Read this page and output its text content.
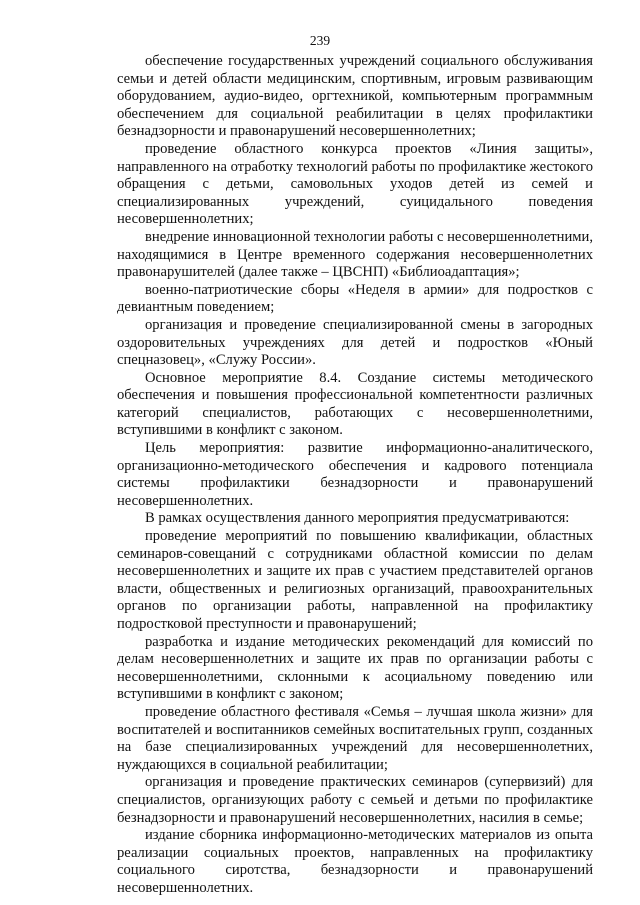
239

обеспечение государственных учреждений социального обслуживания семьи и детей области медицинским, спортивным, игровым развивающим оборудованием, аудио-видео, оргтехникой, компьютерным программным обеспечением для социальной реабилитации в целях профилактики безнадзорности и правонарушений несовершеннолетних;

проведение областного конкурса проектов «Линия защиты», направленного на отработку технологий работы по профилактике жестокого обращения с детьми, самовольных уходов детей из семей и специализированных учреждений, суицидального поведения несовершеннолетних;

внедрение инновационной технологии работы с несовершеннолетними, находящимися в Центре временного содержания несовершеннолетних правонарушителей (далее также – ЦВСНП) «Библиоадаптация»;

военно-патриотические сборы «Неделя в армии» для подростков с девиантным поведением;

организация и проведение специализированной смены в загородных оздоровительных учреждениях для детей и подростков «Юный спецназовец», «Служу России».

Основное мероприятие 8.4. Создание системы методического обеспечения и повышения профессиональной компетентности различных категорий специалистов, работающих с несовершеннолетними, вступившими в конфликт с законом.

Цель мероприятия: развитие информационно-аналитического, организационно-методического обеспечения и кадрового потенциала системы профилактики безнадзорности и правонарушений несовершеннолетних.

В рамках осуществления данного мероприятия предусматриваются:

проведение мероприятий по повышению квалификации, областных семинаров-совещаний с сотрудниками областной комиссии по делам несовершеннолетних и защите их прав с участием представителей органов власти, общественных и религиозных организаций, правоохранительных органов по организации работы, направленной на профилактику подростковой преступности и правонарушений;

разработка и издание методических рекомендаций для комиссий по делам несовершеннолетних и защите их прав по организации работы с несовершеннолетними, склонными к асоциальному поведению или вступившими в конфликт с законом;

проведение областного фестиваля «Семья – лучшая школа жизни» для воспитателей и воспитанников семейных воспитательных групп, созданных на базе специализированных учреждений для несовершеннолетних, нуждающихся в социальной реабилитации;

организация и проведение практических семинаров (супервизий) для специалистов, организующих работу с семьей и детьми по профилактике безнадзорности и правонарушений несовершеннолетних, насилия в семье;

издание сборника информационно-методических материалов из опыта реализации социальных проектов, направленных на профилактику социального сиротства, безнадзорности и правонарушений несовершеннолетних.
